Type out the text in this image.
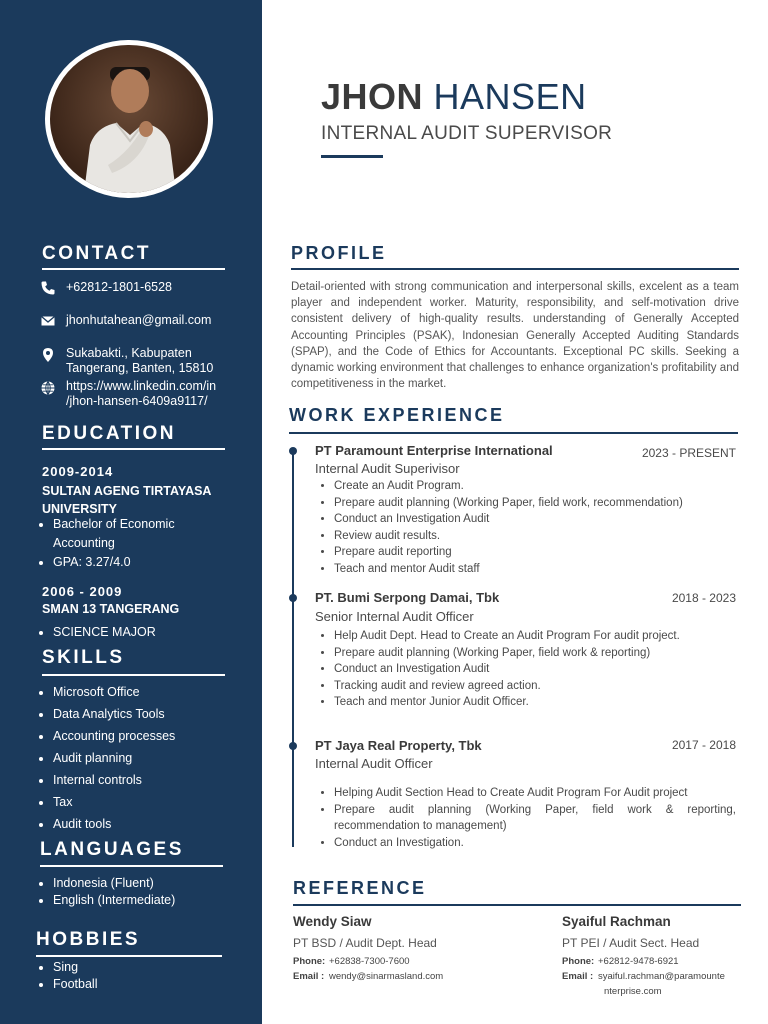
CONTACT
+62812-1801-6528
jhonhutahean@gmail.com
Sukabakti., Kabupaten
Tangerang, Banten, 15810
https://www.linkedin.com/in
/jhon-hansen-6409a9117/
EDUCATION
2009-2014
SULTAN AGENG TIRTAYASA UNIVERSITY
• Bachelor of Economic Accounting
• GPA: 3.27/4.0
2006 - 2009
SMAN 13 TANGERANG
• SCIENCE MAJOR
SKILLS
• Microsoft Office
• Data Analytics Tools
• Accounting processes
• Audit planning
• Internal controls
• Tax
• Audit tools
LANGUAGES
• Indonesia (Fluent)
• English (Intermediate)
HOBBIES
• Sing
• Football
JHON HANSEN
INTERNAL AUDIT SUPERVISOR
PROFILE

Detail-oriented with strong communication and interpersonal skills, excelent as a team player and independent worker. Maturity, responsibility, and self-motivation drive consistent delivery of high-quality results. understanding of Generally Accepted Accounting Principles (PSAK), Indonesian Generally Accepted Auditing Standards (SPAP), and the Code of Ethics for Accountants. Exceptional PC skills. Seeking a dynamic working environment that challenges to enhance organization's profitability and competitiveness in the market.

WORK EXPERIENCE
PT Paramount Enterprise International	2023 - PRESENT
Internal Audit Superivisor
• Create an Audit Program.
• Prepare audit planning (Working Paper, field work, recommendation)
• Conduct an Investigation Audit
• Review audit results.
• Prepare audit reporting
• Teach and mentor Audit staff
PT. Bumi Serpong Damai, Tbk	2018 - 2023
Senior Internal Audit Officer
• Help Audit Dept. Head to Create an Audit Program For audit project.
• Prepare audit planning (Working Paper, field work & reporting)
• Conduct an Investigation Audit
• Tracking audit and review agreed action.
• Teach and mentor Junior Audit Officer.
PT Jaya Real Property, Tbk	2017 - 2018
Internal Audit Officer
• Helping Audit Section Head to Create Audit Program For Audit project
• Prepare audit planning (Working Paper, field work & reporting, recommendation to management)
• Conduct an Investigation.
REFERENCE
Wendy Siaw
PT BSD / Audit Dept. Head
Phone: +62838-7300-7600
Email : wendy@sinarmasland.com
Syaiful Rachman
PT PEI / Audit Sect. Head
Phone: +62812-9478-6921
Email : syaiful.rachman@paramounte
nterprise.com
